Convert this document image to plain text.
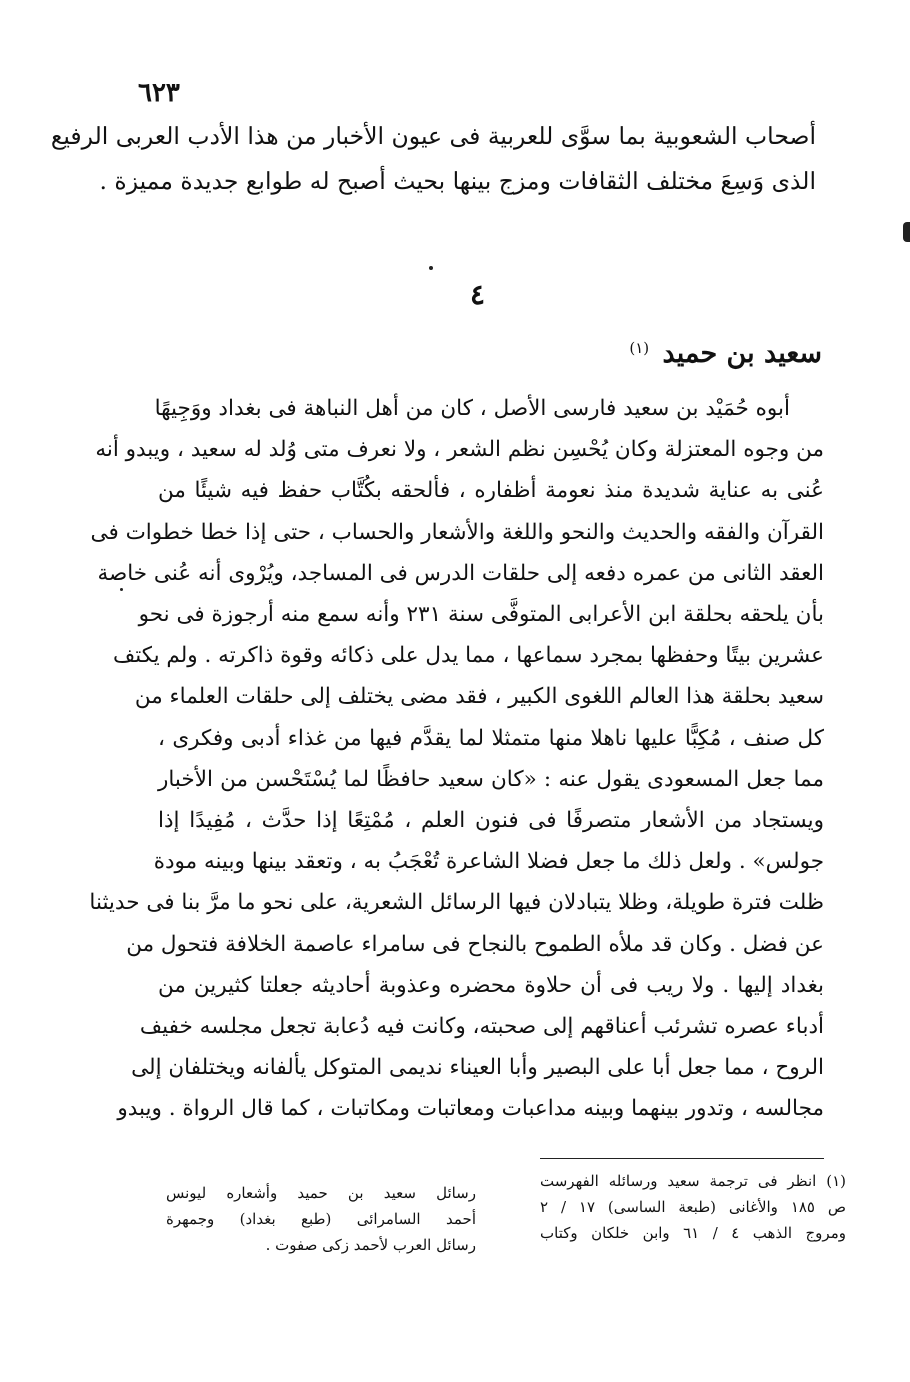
٦٢٣
أصحاب الشعوبية بما سوَّى للعربية فى عيون الأخبار من هذا الأدب العربى الرفيع
الذى وَسِعَ مختلف الثقافات ومزج بينها بحيث أصبح له طوابع جديدة مميزة .
٤
سعيد بن حميد $^{(١)}$
أبوه حُمَيْد بن سعيد فارسى الأصل ، كان من أهل النباهة فى بغداد ووَجِيهًا
من وجوه المعتزلة وكان يُحْسِن نظم الشعر ، ولا نعرف متى وُلد له سعيد ، ويبدو أنه
عُنى به عناية شديدة منذ نعومة أظفاره ، فألحقه بكُتَّاب حفظ فيه شيئًا من
القرآن والفقه والحديث والنحو واللغة والأشعار والحساب ، حتى إذا خطا خطوات فى
العقد الثانى من عمره دفعه إلى حلقات الدرس فى المساجد، ويُرْوى أنه عُنى خاصة
بأن يلحقه بحلقة ابن الأعرابى المتوفَّى سنة ٢٣١ وأنه سمع منه أرجوزة فى نحو
عشرين بيتًا وحفظها بمجرد سماعها ، مما يدل على ذكائه وقوة ذاكرته . ولم يكتف
سعيد بحلقة هذا العالم اللغوى الكبير ، فقد مضى يختلف إلى حلقات العلماء من
كل صنف ، مُكِبًّا عليها ناهلا منها متمثلا لما يقدَّم فيها من غذاء أدبى وفكرى ،
مما جعل المسعودى يقول عنه : «كان سعيد حافظًا لما يُسْتَحْسن من الأخبار
ويستجاد من الأشعار متصرفًا فى فنون العلم ، مُمْتِعًا إذا حدَّث ، مُفِيدًا إذا
جولس» . ولعل ذلك ما جعل فضلا الشاعرة تُعْجَبُ به ، وتعقد بينها وبينه مودة
ظلت فترة طويلة، وظلا يتبادلان فيها الرسائل الشعرية، على نحو ما مرَّ بنا فى حديثنا
عن فضل . وكان قد ملأه الطموح بالنجاح فى سامراء عاصمة الخلافة فتحول من
بغداد إليها . ولا ريب فى أن حلاوة محضره وعذوبة أحاديثه جعلتا كثيرين من
أدباء عصره تشرئب أعناقهم إلى صحبته، وكانت فيه دُعابة تجعل مجلسه خفيف
الروح ، مما جعل أبا على البصير وأبا العيناء نديمى المتوكل يألفانه ويختلفان إلى
مجالسه ، وتدور بينهما وبينه مداعبات ومعاتبات ومكاتبات ، كما قال الرواة . ويبدو
(١) انظر فى ترجمة سعيد ورسائله الفهرست
ص ١٨٥ والأغانى (طبعة الساسى) ١٧ / ٢
ومروج الذهب ٤ / ٦١ وابن خلكان وكتاب
رسائل سعيد بن حميد وأشعاره ليونس
أحمد السامرائى (طبع بغداد) وجمهرة
رسائل العرب لأحمد زكى صفوت .
